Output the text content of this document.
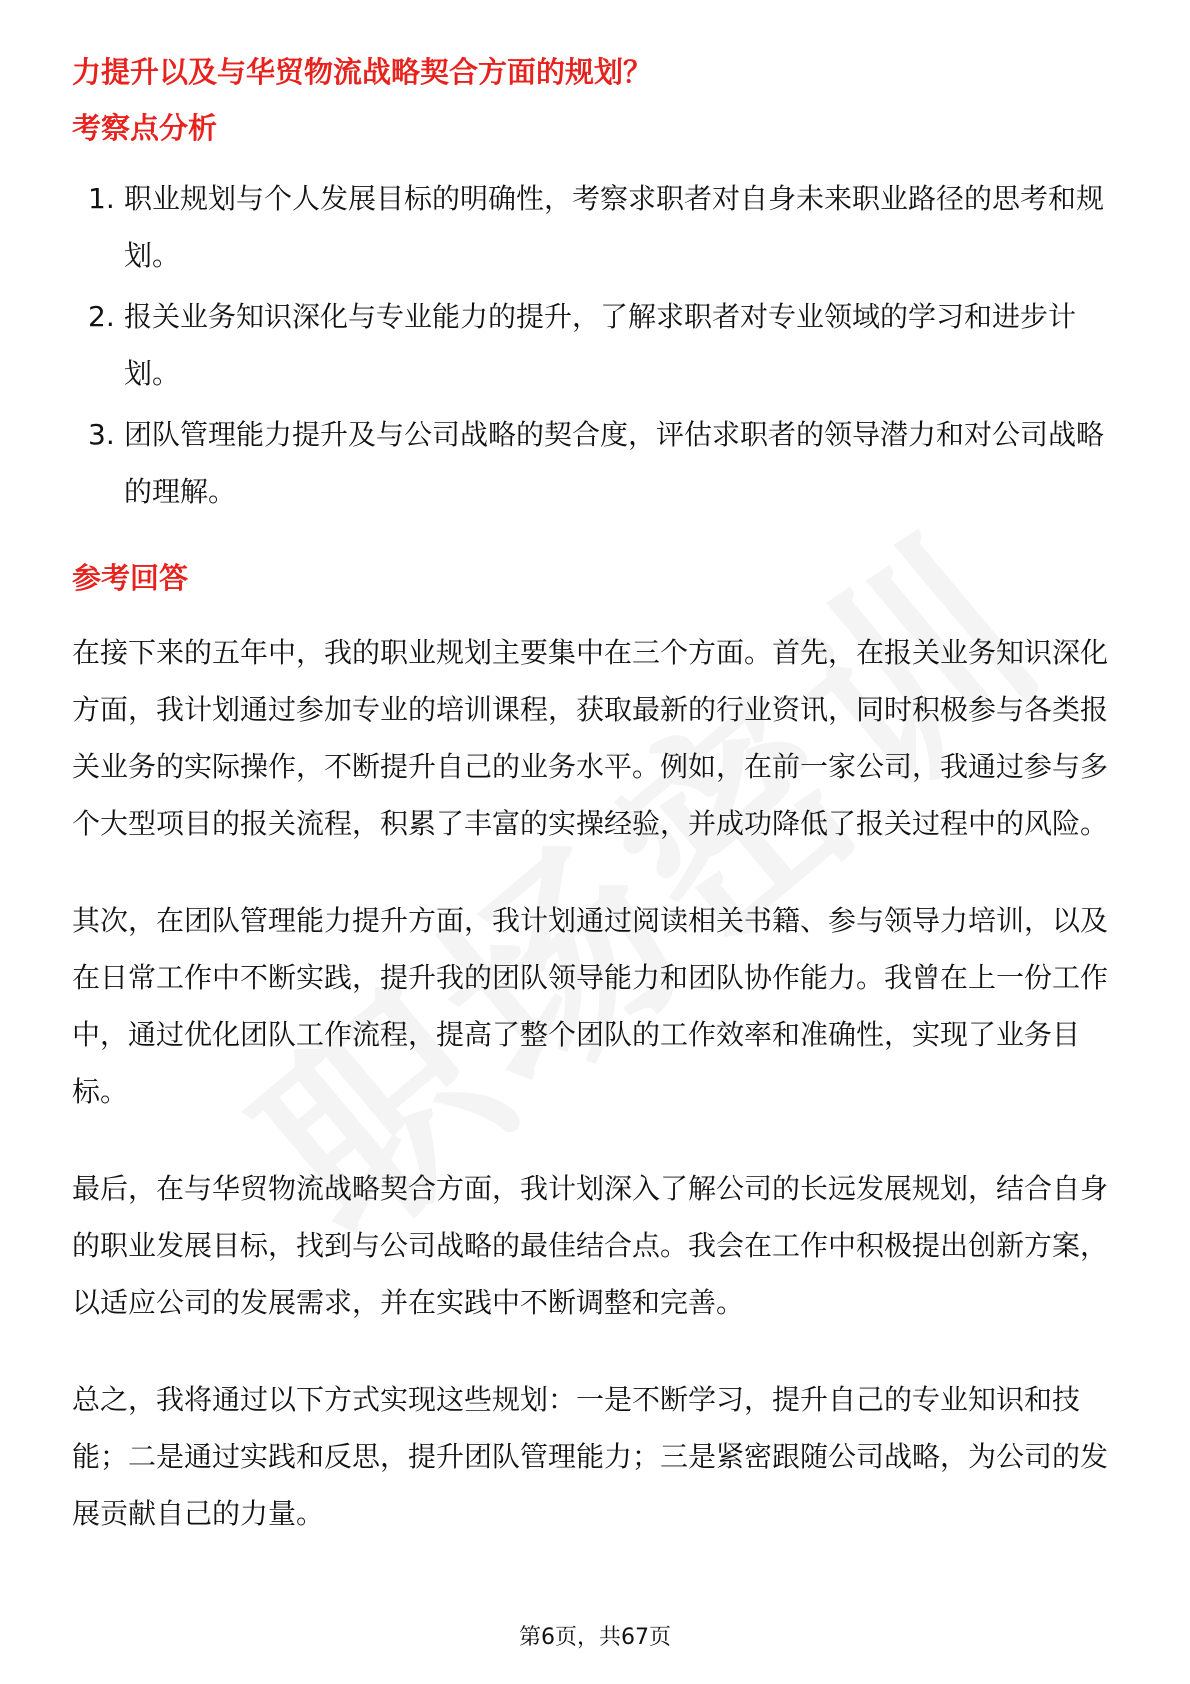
力提升以及与华贸物流战略契合方面的规划？

考察点分析

1. 职业规划与个人发展目标的明确性，考察求职者对自身未来职业路径的思考和规划。
2. 报关业务知识深化与专业能力的提升，了解求职者对专业领域的学习和进步计划。
3. 团队管理能力提升及与公司战略的契合度，评估求职者的领导潜力和对公司战略的理解。

参考回答

在接下来的五年中，我的职业规划主要集中在三个方面。首先，在报关业务知识深化方面，我计划通过参加专业的培训课程，获取最新的行业资讯，同时积极参与各类报关业务的实际操作，不断提升自己的业务水平。例如，在前一家公司，我通过参与多个大型项目的报关流程，积累了丰富的实操经验，并成功降低了报关过程中的风险。

其次，在团队管理能力提升方面，我计划通过阅读相关书籍、参与领导力培训，以及在日常工作中不断实践，提升我的团队领导能力和团队协作能力。我曾在上一份工作中，通过优化团队工作流程，提高了整个团队的工作效率和准确性，实现了业务目标。

最后，在与华贸物流战略契合方面，我计划深入了解公司的长远发展规划，结合自身的职业发展目标，找到与公司战略的最佳结合点。我会在工作中积极提出创新方案，以适应公司的发展需求，并在实践中不断调整和完善。

总之，我将通过以下方式实现这些规划：一是不断学习，提升自己的专业知识和技能；二是通过实践和反思，提升团队管理能力；三是紧密跟随公司战略，为公司的发展贡献自己的力量。

第6页，共67页
